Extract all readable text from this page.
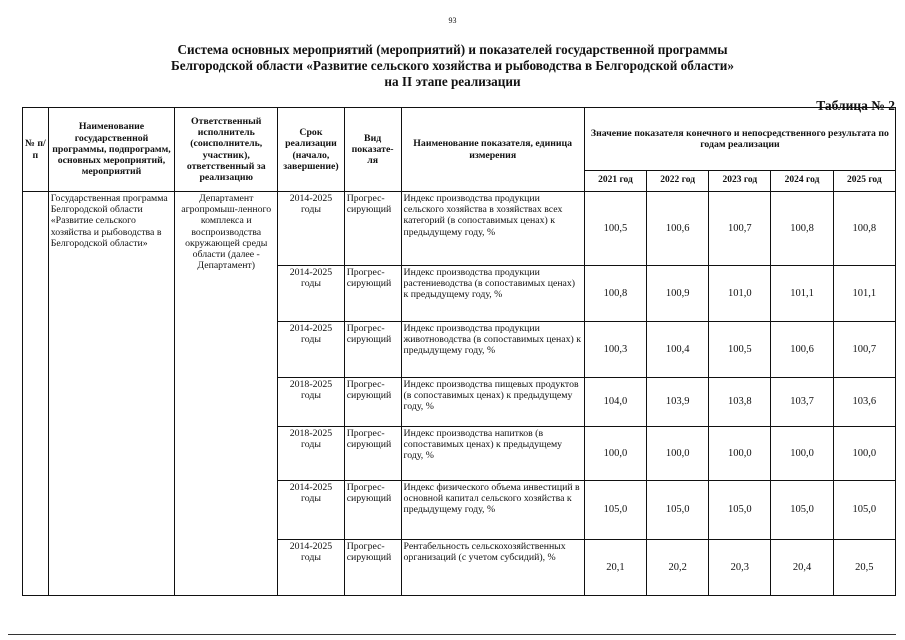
93
Система основных мероприятий (мероприятий) и показателей государственной программы
Белгородской области «Развитие сельского хозяйства и рыбоводства в Белгородской области»
на II этапе реализации
Таблица № 2
№ п/п	Наименование государственной программы, подпрограмм, основных мероприятий, мероприятий	Ответственный исполнитель (соисполнитель, участник), ответственный за реализацию	Срок реализации (начало, завершение)	Вид показате-ля	Наименование показателя, единица измерения	Значение показателя конечного и непосредственного результата по годам реализации				
						2021 год	2022 год	2023 год	2024 год	2025 год
	Государственная программа Белгородской области «Развитие сельского хозяйства и рыбоводства в Белгородской области»	Департамент агропромыш-ленного комплекса и воспроизводства окружающей среды области (далее - Департамент)	2014-2025 годы	Прогрес-сирующий	Индекс производства продукции сельского хозяйства в хозяйствах всех категорий (в сопоставимых ценах) к предыдущему году, %	100,5	100,6	100,7	100,8	100,8
			2014-2025 годы	Прогрес-сирующий	Индекс производства продукции растениеводства (в сопоставимых ценах) к предыдущему году, %	100,8	100,9	101,0	101,1	101,1
			2014-2025 годы	Прогрес-сирующий	Индекс производства продукции животноводства (в сопоставимых ценах) к предыдущему году, %	100,3	100,4	100,5	100,6	100,7
			2018-2025 годы	Прогрес-сирующий	Индекс производства пищевых продуктов (в сопоставимых ценах) к предыдущему году, %	104,0	103,9	103,8	103,7	103,6
			2018-2025 годы	Прогрес-сирующий	Индекс производства напитков (в сопоставимых ценах) к предыдущему году, %	100,0	100,0	100,0	100,0	100,0
			2014-2025 годы	Прогрес-сирующий	Индекс физического объема инвестиций в основной капитал сельского хозяйства к предыдущему году, %	105,0	105,0	105,0	105,0	105,0
			2014-2025 годы	Прогрес-сирующий	Рентабельность сельскохозяйственных организаций (с учетом субсидий), %	20,1	20,2	20,3	20,4	20,5
